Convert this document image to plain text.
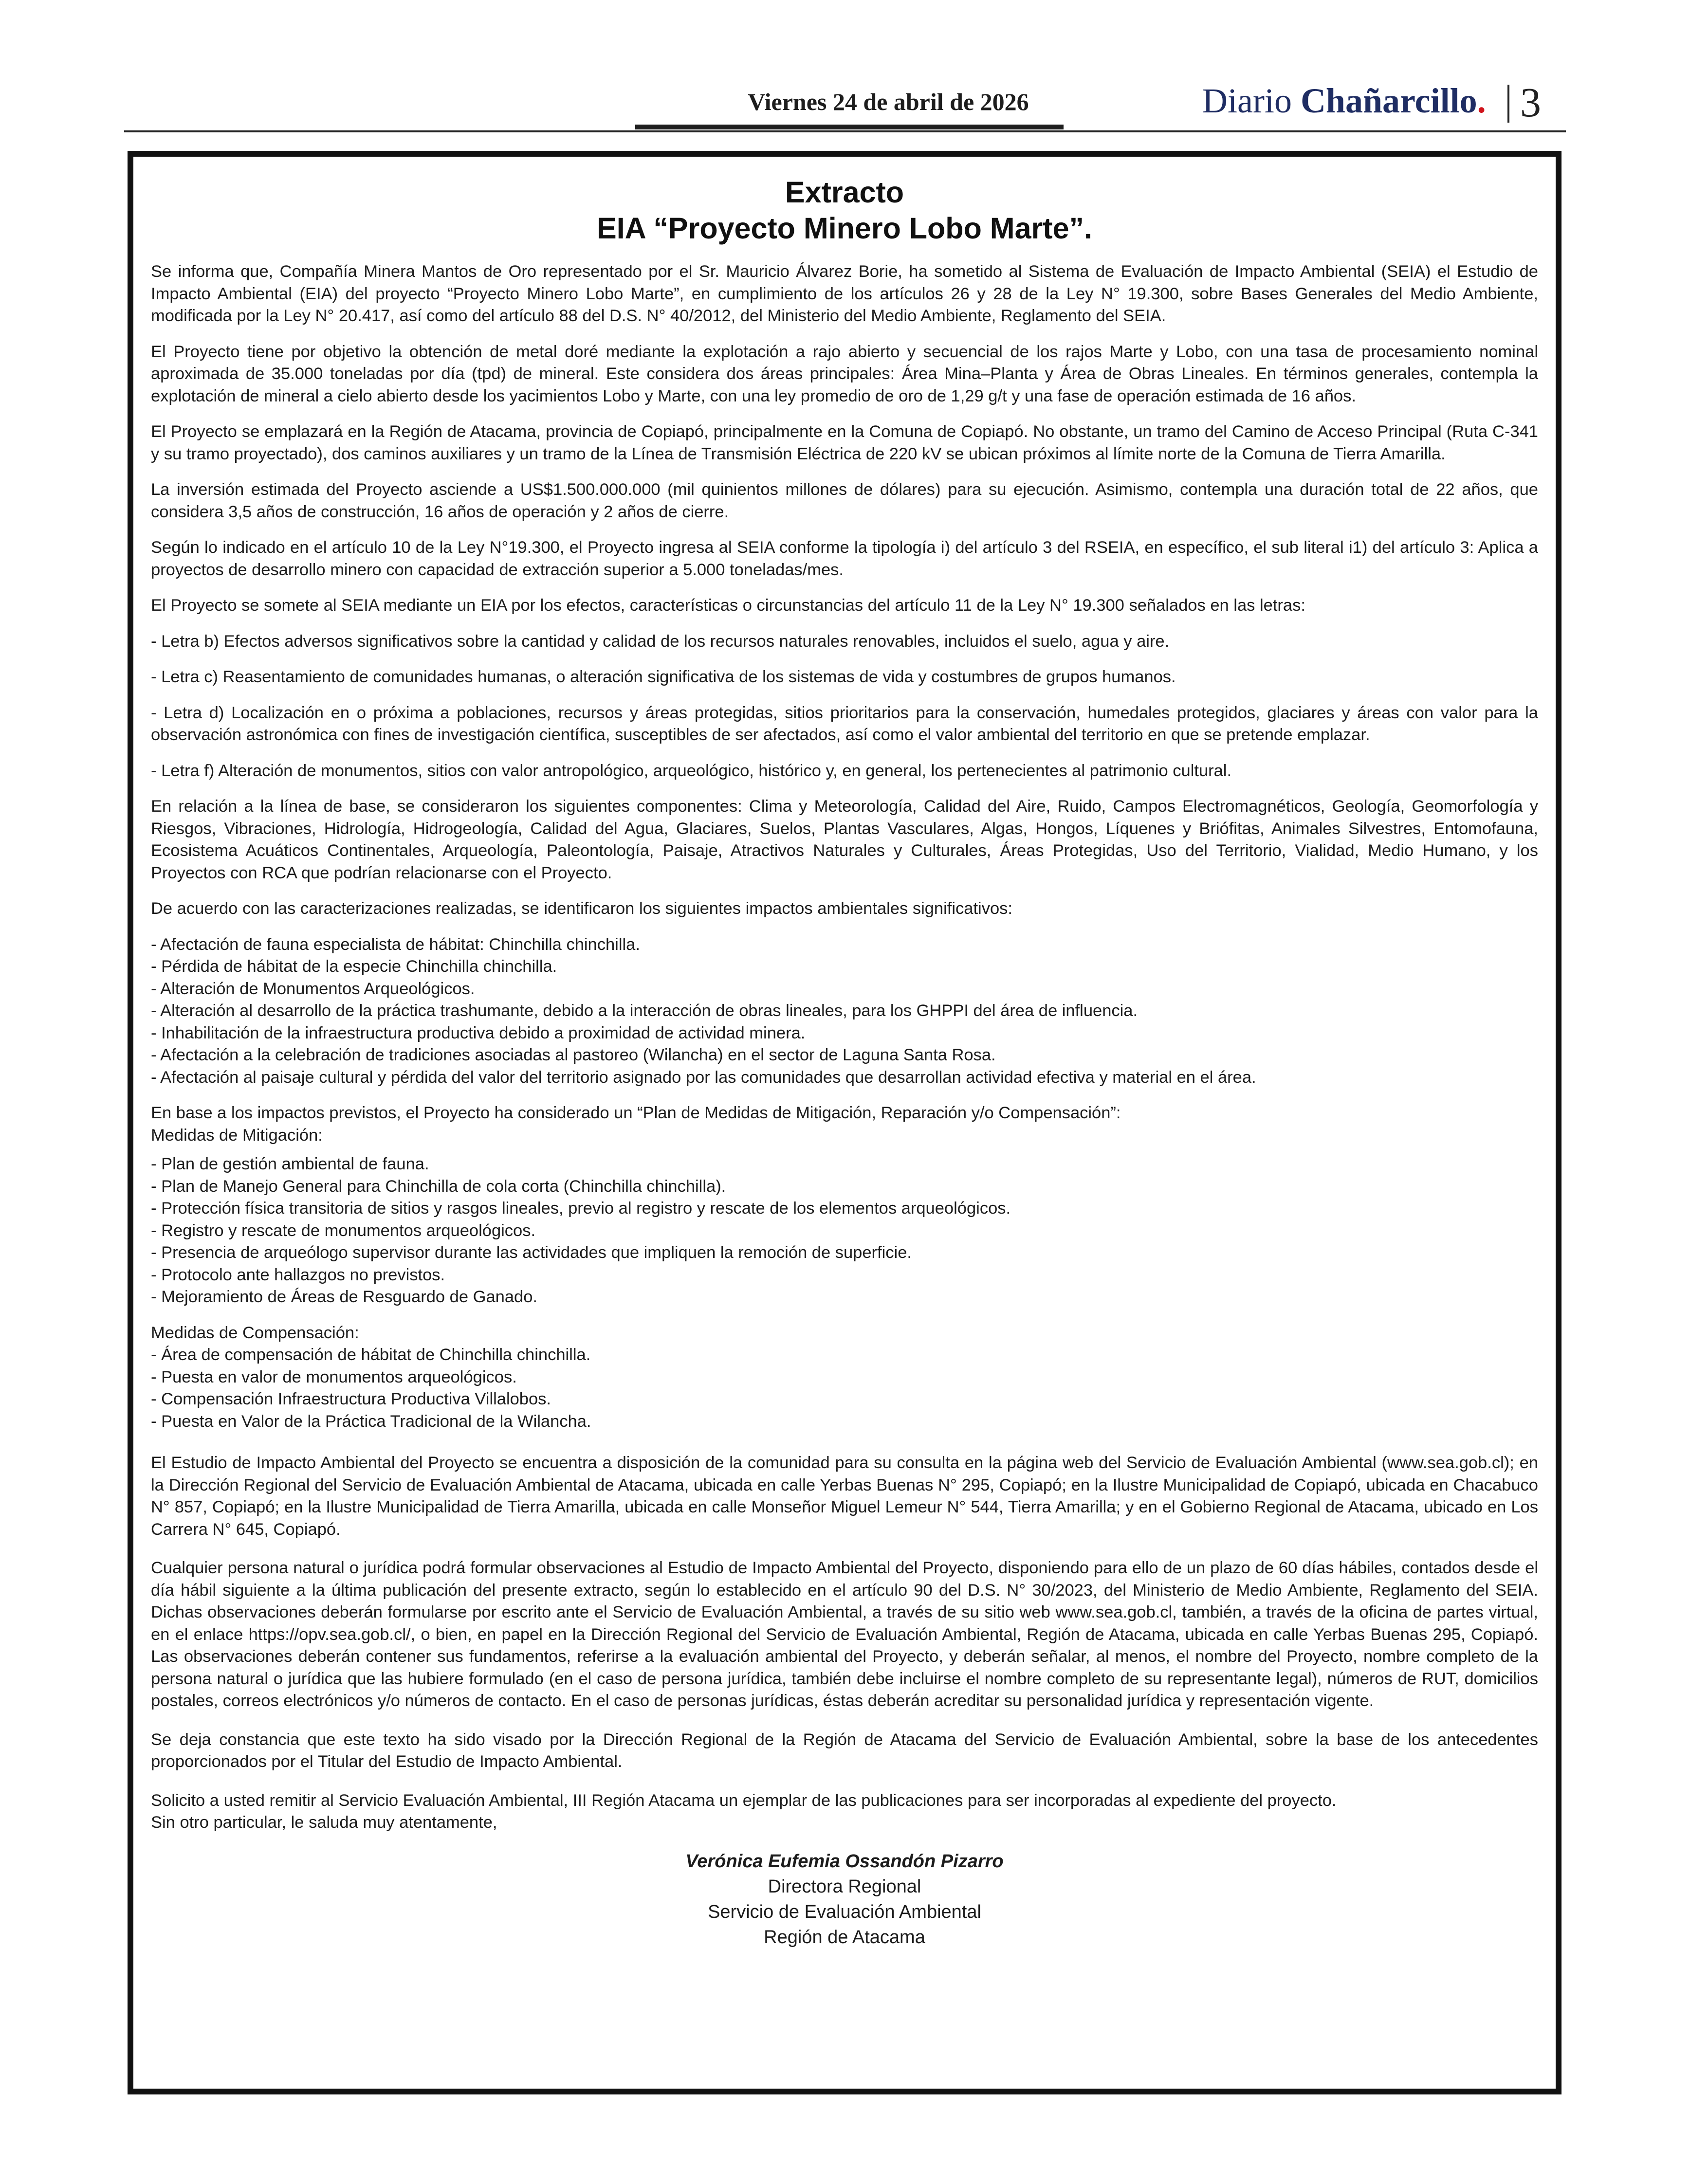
Viernes 24 de abril de 2026	Diario Chañarcillo. 3
Extracto
EIA “Proyecto Minero Lobo Marte”.

Se informa que, Compañía Minera Mantos de Oro representado por el Sr. Mauricio Álvarez Borie, ha sometido al Sistema de Evaluación de Impacto Ambiental (SEIA) el Estudio de Impacto Ambiental (EIA) del proyecto “Proyecto Minero Lobo Marte”, en cumplimiento de los artículos 26 y 28 de la Ley N° 19.300, sobre Bases Generales del Medio Ambiente, modificada por la Ley N° 20.417, así como del artículo 88 del D.S. N° 40/2012, del Ministerio del Medio Ambiente, Reglamento del SEIA.

El Proyecto tiene por objetivo la obtención de metal doré mediante la explotación a rajo abierto y secuencial de los rajos Marte y Lobo, con una tasa de procesamiento nominal aproximada de 35.000 toneladas por día (tpd) de mineral. Este considera dos áreas principales: Área Mina–Planta y Área de Obras Lineales. En términos generales, contempla la explotación de mineral a cielo abierto desde los yacimientos Lobo y Marte, con una ley promedio de oro de 1,29 g/t y una fase de operación estimada de 16 años.

El Proyecto se emplazará en la Región de Atacama, provincia de Copiapó, principalmente en la Comuna de Copiapó. No obstante, un tramo del Camino de Acceso Principal (Ruta C-341 y su tramo proyectado), dos caminos auxiliares y un tramo de la Línea de Transmisión Eléctrica de 220 kV se ubican próximos al límite norte de la Comuna de Tierra Amarilla.

La inversión estimada del Proyecto asciende a US$1.500.000.000 (mil quinientos millones de dólares) para su ejecución. Asimismo, contempla una duración total de 22 años, que considera 3,5 años de construcción, 16 años de operación y 2 años de cierre.

Según lo indicado en el artículo 10 de la Ley N°19.300, el Proyecto ingresa al SEIA conforme la tipología i) del artículo 3 del RSEIA, en específico, el sub literal i1) del artículo 3: Aplica a proyectos de desarrollo minero con capacidad de extracción superior a 5.000 toneladas/mes.

El Proyecto se somete al SEIA mediante un EIA por los efectos, características o circunstancias del artículo 11 de la Ley N° 19.300 señalados en las letras:

- Letra b) Efectos adversos significativos sobre la cantidad y calidad de los recursos naturales renovables, incluidos el suelo, agua y aire.

- Letra c) Reasentamiento de comunidades humanas, o alteración significativa de los sistemas de vida y costumbres de grupos humanos.

- Letra d) Localización en o próxima a poblaciones, recursos y áreas protegidas, sitios prioritarios para la conservación, humedales protegidos, glaciares y áreas con valor para la observación astronómica con fines de investigación científica, susceptibles de ser afectados, así como el valor ambiental del territorio en que se pretende emplazar.

- Letra f) Alteración de monumentos, sitios con valor antropológico, arqueológico, histórico y, en general, los pertenecientes al patrimonio cultural.

En relación a la línea de base, se consideraron los siguientes componentes: Clima y Meteorología, Calidad del Aire, Ruido, Campos Electromagnéticos, Geología, Geomorfología y Riesgos, Vibraciones, Hidrología, Hidrogeología, Calidad del Agua, Glaciares, Suelos, Plantas Vasculares, Algas, Hongos, Líquenes y Briófitas, Animales Silvestres, Entomofauna, Ecosistema Acuáticos Continentales, Arqueología, Paleontología, Paisaje, Atractivos Naturales y Culturales, Áreas Protegidas, Uso del Territorio, Vialidad, Medio Humano, y los Proyectos con RCA que podrían relacionarse con el Proyecto.

De acuerdo con las caracterizaciones realizadas, se identificaron los siguientes impactos ambientales significativos:

- Afectación de fauna especialista de hábitat: Chinchilla chinchilla.
- Pérdida de hábitat de la especie Chinchilla chinchilla.
- Alteración de Monumentos Arqueológicos.
- Alteración al desarrollo de la práctica trashumante, debido a la interacción de obras lineales, para los GHPPI del área de influencia.
- Inhabilitación de la infraestructura productiva debido a proximidad de actividad minera.
- Afectación a la celebración de tradiciones asociadas al pastoreo (Wilancha) en el sector de Laguna Santa Rosa.
- Afectación al paisaje cultural y pérdida del valor del territorio asignado por las comunidades que desarrollan actividad efectiva y material en el área.
En base a los impactos previstos, el Proyecto ha considerado un “Plan de Medidas de Mitigación, Reparación y/o Compensación”:
Medidas de Mitigación:
- Plan de gestión ambiental de fauna.
- Plan de Manejo General para Chinchilla de cola corta (Chinchilla chinchilla).
- Protección física transitoria de sitios y rasgos lineales, previo al registro y rescate de los elementos arqueológicos.
- Registro y rescate de monumentos arqueológicos.
- Presencia de arqueólogo supervisor durante las actividades que impliquen la remoción de superficie.
- Protocolo ante hallazgos no previstos.
- Mejoramiento de Áreas de Resguardo de Ganado.
Medidas de Compensación:
- Área de compensación de hábitat de Chinchilla chinchilla.
- Puesta en valor de monumentos arqueológicos.
- Compensación Infraestructura Productiva Villalobos.
- Puesta en Valor de la Práctica Tradicional de la Wilancha.

El Estudio de Impacto Ambiental del Proyecto se encuentra a disposición de la comunidad para su consulta en la página web del Servicio de Evaluación Ambiental (www.sea.gob.cl); en la Dirección Regional del Servicio de Evaluación Ambiental de Atacama, ubicada en calle Yerbas Buenas N° 295, Copiapó; en la Ilustre Municipalidad de Copiapó, ubicada en Chacabuco N° 857, Copiapó; en la Ilustre Municipalidad de Tierra Amarilla, ubicada en calle Monseñor Miguel Lemeur N° 544, Tierra Amarilla; y en el Gobierno Regional de Atacama, ubicado en Los Carrera N° 645, Copiapó.

Cualquier persona natural o jurídica podrá formular observaciones al Estudio de Impacto Ambiental del Proyecto, disponiendo para ello de un plazo de 60 días hábiles, contados desde el día hábil siguiente a la última publicación del presente extracto, según lo establecido en el artículo 90 del D.S. N° 30/2023, del Ministerio de Medio Ambiente, Reglamento del SEIA. Dichas observaciones deberán formularse por escrito ante el Servicio de Evaluación Ambiental, a través de su sitio web www.sea.gob.cl, también, a través de la oficina de partes virtual, en el enlace https://opv.sea.gob.cl/, o bien, en papel en la Dirección Regional del Servicio de Evaluación Ambiental, Región de Atacama, ubicada en calle Yerbas Buenas 295, Copiapó. Las observaciones deberán contener sus fundamentos, referirse a la evaluación ambiental del Proyecto, y deberán señalar, al menos, el nombre del Proyecto, nombre completo de la persona natural o jurídica que las hubiere formulado (en el caso de persona jurídica, también debe incluirse el nombre completo de su representante legal), números de RUT, domicilios postales, correos electrónicos y/o números de contacto. En el caso de personas jurídicas, éstas deberán acreditar su personalidad jurídica y representación vigente.

Se deja constancia que este texto ha sido visado por la Dirección Regional de la Región de Atacama del Servicio de Evaluación Ambiental, sobre la base de los antecedentes proporcionados por el Titular del Estudio de Impacto Ambiental.

Solicito a usted remitir al Servicio Evaluación Ambiental, III Región Atacama un ejemplar de las publicaciones para ser incorporadas al expediente del proyecto.
Sin otro particular, le saluda muy atentamente,
Verónica Eufemia Ossandón Pizarro
Directora Regional
Servicio de Evaluación Ambiental
Región de Atacama
